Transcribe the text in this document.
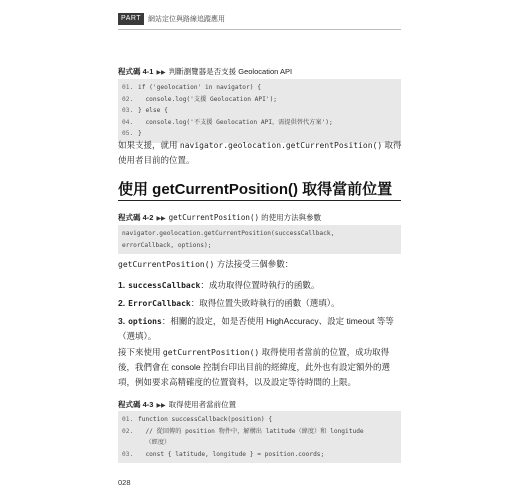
PART 2
網站定位與路線追蹤應用
程式碼 4-1 ▶▶ 判斷瀏覽器是否支援 Geolocation API
01. if ('geolocation' in navigator) {
02.  console.log('支援 Geolocation API');
03. } else {
04.  console.log('不支援 Geolocation API，需提供替代方案');
05. }
如果支援，就用 navigator.geolocation.getCurrentPosition() 取得使用者目前的位置。
使用 getCurrentPosition() 取得當前位置
程式碼 4-2 ▶▶ getCurrentPosition() 的使用方法與參數
navigator.geolocation.getCurrentPosition(successCallback,
errorCallback, options);
getCurrentPosition() 方法接受三個參數：
1. successCallback：成功取得位置時執行的函數。
2. ErrorCallback：取得位置失敗時執行的函數（選填）。
3. options：相關的設定，如是否使用 HighAccuracy、設定 timeout 等等（選填）。
接下來使用 getCurrentPosition() 取得使用者當前的位置，成功取得後，我們會在 console 控制台印出目前的經緯度，此外也有設定額外的選項，例如要求高精確度的位置資料，以及設定等待時間的上限。
程式碼 4-3 ▶▶ 取得使用者當前位置
01. function successCallback(position) {
02.  // 從回傳的 position 物件中，解構出 latitude（緯度）和 longitude
（經度）
03.  const { latitude, longitude } = position.coords;
028
